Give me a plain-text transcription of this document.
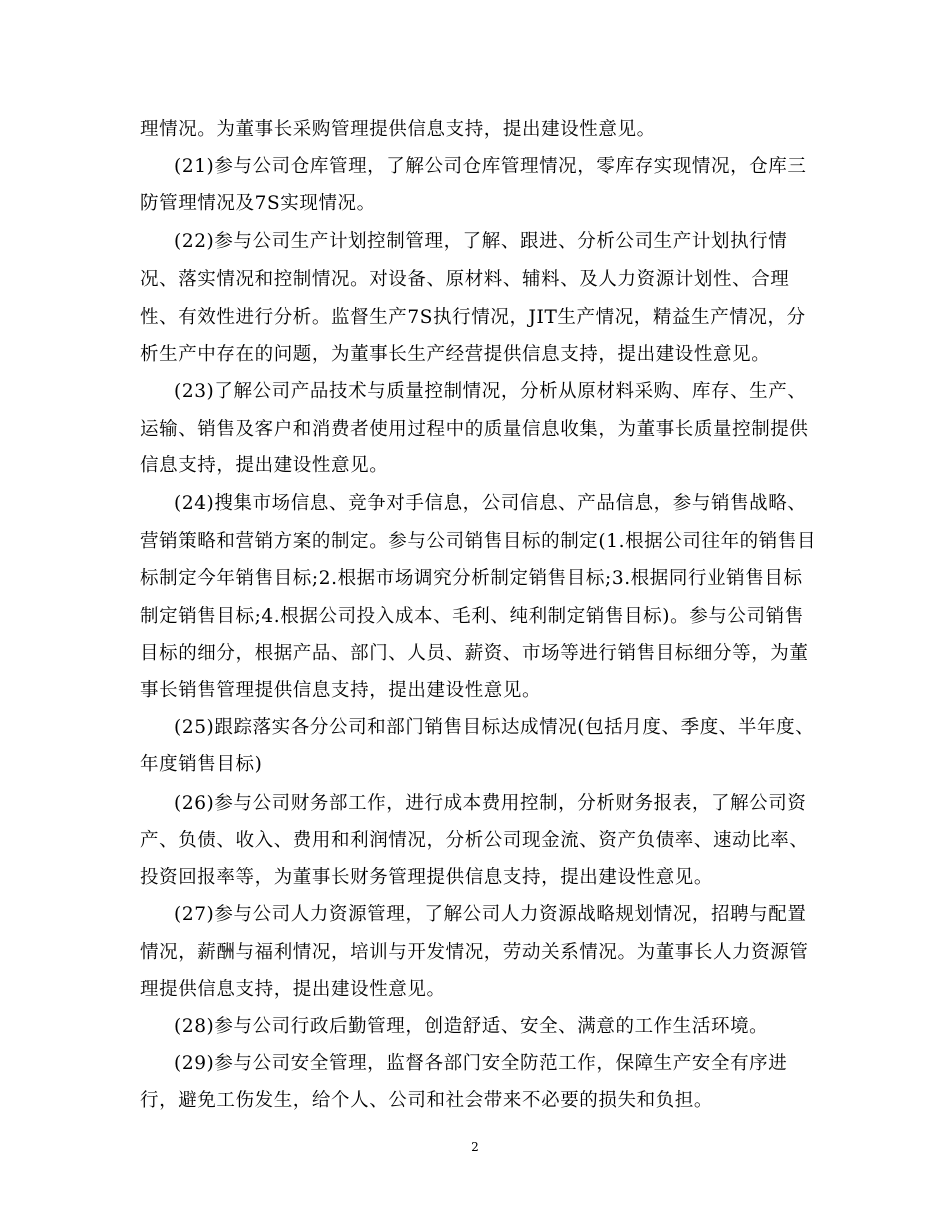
理情况。为董事长采购管理提供信息支持，提出建设性意见。
(21)参与公司仓库管理，了解公司仓库管理情况，零库存实现情况，仓库三
防管理情况及7S实现情况。
(22)参与公司生产计划控制管理，了解、跟进、分析公司生产计划执行情
况、落实情况和控制情况。对设备、原材料、辅料、及人力资源计划性、合理
性、有效性进行分析。监督生产7S执行情况，JIT生产情况，精益生产情况，分
析生产中存在的问题，为董事长生产经营提供信息支持，提出建设性意见。
(23)了解公司产品技术与质量控制情况，分析从原材料采购、库存、生产、
运输、销售及客户和消费者使用过程中的质量信息收集，为董事长质量控制提供
信息支持，提出建设性意见。
(24)搜集市场信息、竞争对手信息，公司信息、产品信息，参与销售战略、
营销策略和营销方案的制定。参与公司销售目标的制定(1.根据公司往年的销售目
标制定今年销售目标;2.根据市场调究分析制定销售目标;3.根据同行业销售目标
制定销售目标;4.根据公司投入成本、毛利、纯利制定销售目标)。参与公司销售
目标的细分，根据产品、部门、人员、薪资、市场等进行销售目标细分等，为董
事长销售管理提供信息支持，提出建设性意见。
(25)跟踪落实各分公司和部门销售目标达成情况(包括月度、季度、半年度、
年度销售目标)
(26)参与公司财务部工作，进行成本费用控制，分析财务报表，了解公司资
产、负债、收入、费用和利润情况，分析公司现金流、资产负债率、速动比率、
投资回报率等，为董事长财务管理提供信息支持，提出建设性意见。
(27)参与公司人力资源管理，了解公司人力资源战略规划情况，招聘与配置
情况，薪酬与福利情况，培训与开发情况，劳动关系情况。为董事长人力资源管
理提供信息支持，提出建设性意见。
(28)参与公司行政后勤管理，创造舒适、安全、满意的工作生活环境。
(29)参与公司安全管理，监督各部门安全防范工作，保障生产安全有序进
行，避免工伤发生，给个人、公司和社会带来不必要的损失和负担。
2
